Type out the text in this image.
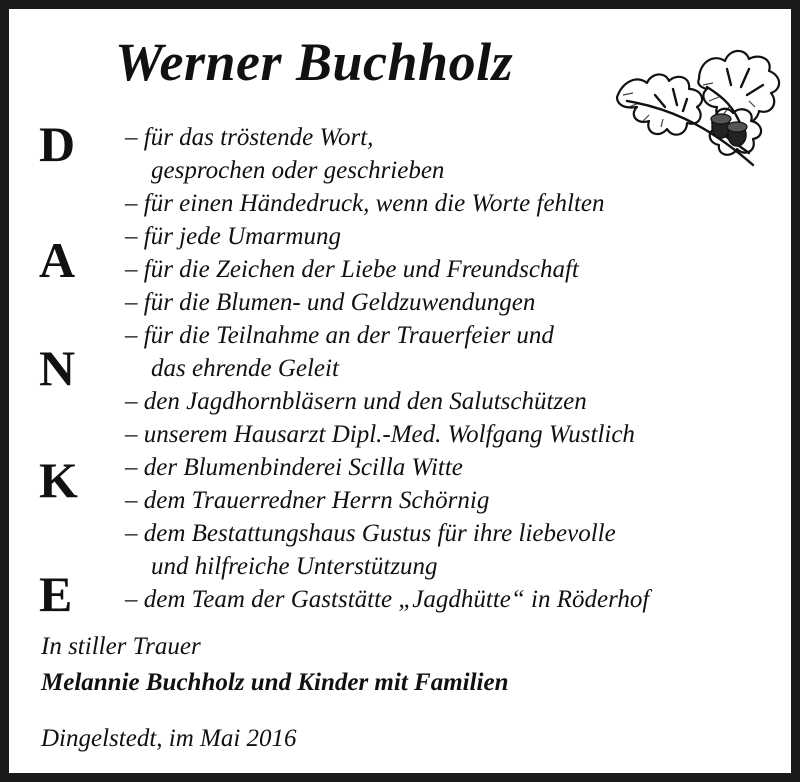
Werner Buchholz
D
A
N
K
E
– für das tröstende Wort,
gesprochen oder geschrieben
– für einen Händedruck, wenn die Worte fehlten
– für jede Umarmung
– für die Zeichen der Liebe und Freundschaft
– für die Blumen- und Geldzuwendungen
– für die Teilnahme an der Trauerfeier und
das ehrende Geleit
– den Jagdhornbläsern und den Salutschützen
– unserem Hausarzt Dipl.-Med. Wolfgang Wustlich
– der Blumenbinderei Scilla Witte
– dem Trauerredner Herrn Schörnig
– dem Bestattungshaus Gustus für ihre liebevolle
und hilfreiche Unterstützung
– dem Team der Gaststätte „Jagdhütte“ in Röderhof
In stiller Trauer
Melannie Buchholz und Kinder mit Familien
Dingelstedt, im Mai 2016
